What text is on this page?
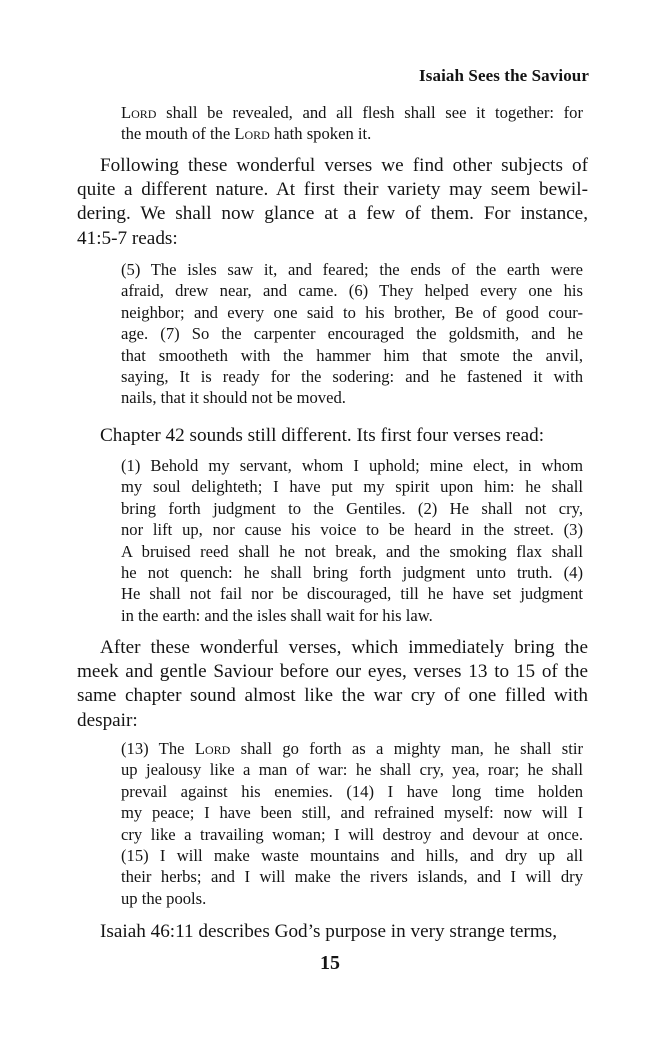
Isaiah Sees the Saviour
Lord shall be revealed, and all flesh shall see it together: for
the mouth of the Lord hath spoken it.
Following these wonderful verses we find other subjects of
quite a different nature. At first their variety may seem bewil-
dering. We shall now glance at a few of them. For instance,
41:5-7 reads:
(5) The isles saw it, and feared; the ends of the earth were
afraid, drew near, and came. (6) They helped every one his
neighbor; and every one said to his brother, Be of good cour-
age. (7) So the carpenter encouraged the goldsmith, and he
that smootheth with the hammer him that smote the anvil,
saying, It is ready for the sodering: and he fastened it with
nails, that it should not be moved.
Chapter 42 sounds still different. Its first four verses read:
(1) Behold my servant, whom I uphold; mine elect, in whom
my soul delighteth; I have put my spirit upon him: he shall
bring forth judgment to the Gentiles. (2) He shall not cry,
nor lift up, nor cause his voice to be heard in the street. (3)
A bruised reed shall he not break, and the smoking flax shall
he not quench: he shall bring forth judgment unto truth. (4)
He shall not fail nor be discouraged, till he have set judgment
in the earth: and the isles shall wait for his law.
After these wonderful verses, which immediately bring the
meek and gentle Saviour before our eyes, verses 13 to 15 of the
same chapter sound almost like the war cry of one filled with
despair:
(13) The Lord shall go forth as a mighty man, he shall stir
up jealousy like a man of war: he shall cry, yea, roar; he shall
prevail against his enemies. (14) I have long time holden
my peace; I have been still, and refrained myself: now will I
cry like a travailing woman; I will destroy and devour at once.
(15) I will make waste mountains and hills, and dry up all
their herbs; and I will make the rivers islands, and I will dry
up the pools.
Isaiah 46:11 describes God’s purpose in very strange terms,
15
